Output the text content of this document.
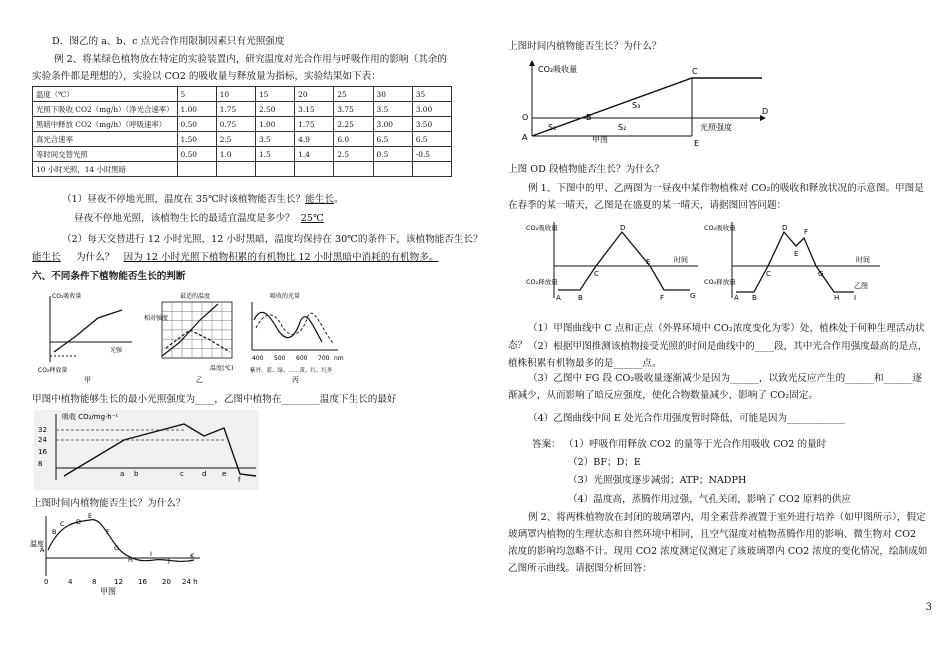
D．图乙的 a、b、c 点光合作用限制因素只有光照强度
例 2、将某绿色植物放在特定的实验装置内，研究温度对光合作用与呼吸作用的影响（其余的实验条件都是理想的），实验以 CO2 的吸收量与释放量为指标，实验结果如下表：
温度（℃）	5	10	15	20	25	30	35
光照下吸收 CO2（mg/h）（净光合速率）	1.00	1.75	2.50	3.15	3.75	3.5	3.00
黑暗中释放 CO2（mg/h）（呼吸速率）	0.50	0.75	1.00	1.75	2.25	3.00	3.50
真光合速率	1.50	2.5	3.5	4.9	6.0	6.5	6.5
等时间交替光照	0.50	1.0	1.5	1.4	2.5	0.5	-0.5
10 小时光照，14 小时黑暗							
（1）昼夜不停地光照，温度在 35℃时该植物能否生长？能生长。
昼夜不停地光照，该植物生长的最适宜温度是多少？ 25℃
（2）每天交替进行 12 小时光照，12 小时黑暗，温度均保持在 30℃的条件下，该植物能否生长？
能生长 为什么？ 因为 12 小时光照下植物积累的有机物比 12 小时黑暗中消耗的有机物多。
六、不同条件下植物能否生长的判断
CO₂吸收量
光强
CO₂释放量
甲
最适的温度
相对强度
温度(℃)
乙
吸收的光量
400 500 600 700 nm
紫外、蓝、绿、……黄、红、红外
丙
甲图中植物能够生长的最小光照强度为____，乙图中植物在________温度下生长的最好
吸收 CO₂/mg·h⁻¹
32
24
16
8
a b	c	d e
f
上图时间内植物能否生长？为什么？
温度
A
B
C D
E
F
G
H
I
J	K
0	4	8	12 16 20 24 h
甲图
上图时间内植物能否生长？为什么？
A
B
C
D
E
O
S₁	S₂
S₃
CO₂吸收量
光照强度
甲图
上图 OD 段植物能否生长？为什么？
例 1、下图中的甲、乙两图为一昼夜中某作物植株对 CO₂的吸收和释放状况的示意图。甲图是在春季的某一晴天，乙图是在盛夏的某一晴天，请据图回答问题：
CO₂吸收量
CO₂释放量
A B
C
D
E
F	G
时间
CO₂吸收量
CO₂释放量
A B
C
D
E
F
G
H I
时间
乙图
（1）甲图曲线中 C 点和正点（外界环境中 CO₂浓度变化为零）处，植株处于何种生理活动状态？ （2）根据甲图推测该植物接受光照的时间是曲线中的____段，其中光合作用强度最高的是点，植株积累有机物最多的是______点。
（3）乙图中 FG 段 CO₂吸收量逐渐减少是因为______，以致光反应产生的______和______逐渐减少，从而影响了暗反应强度，使化合物数量减少，影响了 CO₂固定。
（4）乙图曲线中间 E 处光合作用强度暂时降低，可能是因为____________
答案： （1）呼吸作用释放 CO2 的量等于光合作用吸收 CO2 的量时
（2）BF；D；E
（3）光照强度逐步减弱；ATP；NADPH
（4）温度高，蒸腾作用过强，气孔关闭，影响了 CO2 原料的供应
例 2、将两株植物放在封闭的玻璃罩内，用全素营养液置于室外进行培养（如甲图所示），假定玻璃罩内植物的生理状态和自然环境中相同，且空气湿度对植物蒸腾作用的影响、微生物对 CO2 浓度的影响均忽略不计。现用 CO2 浓度测定仪测定了该玻璃罩内 CO2 浓度的变化情况，绘制成如乙图所示曲线。请据图分析回答：
3
